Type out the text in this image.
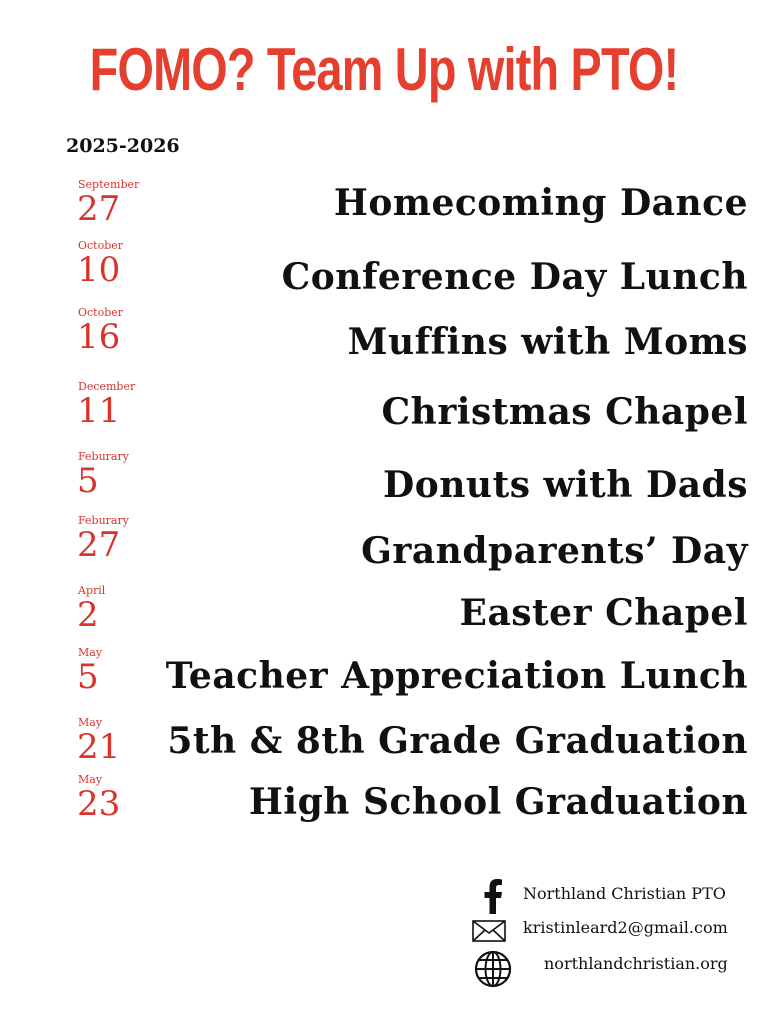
FOMO? Team Up with PTO!
2025-2026
September
27	Homecoming Dance
October
10	Conference Day Lunch
October
16	Muffins with Moms
December
11	Christmas Chapel
Feburary
5	Donuts with Dads
Feburary
27	Grandparents’ Day
April
2	Easter Chapel
May
5 Teacher Appreciation Lunch
May
21 5th & 8th Grade Graduation
May
23	High School Graduation
Northland Christian PTO
kristinleard2@gmail.com
northlandchristian.org
